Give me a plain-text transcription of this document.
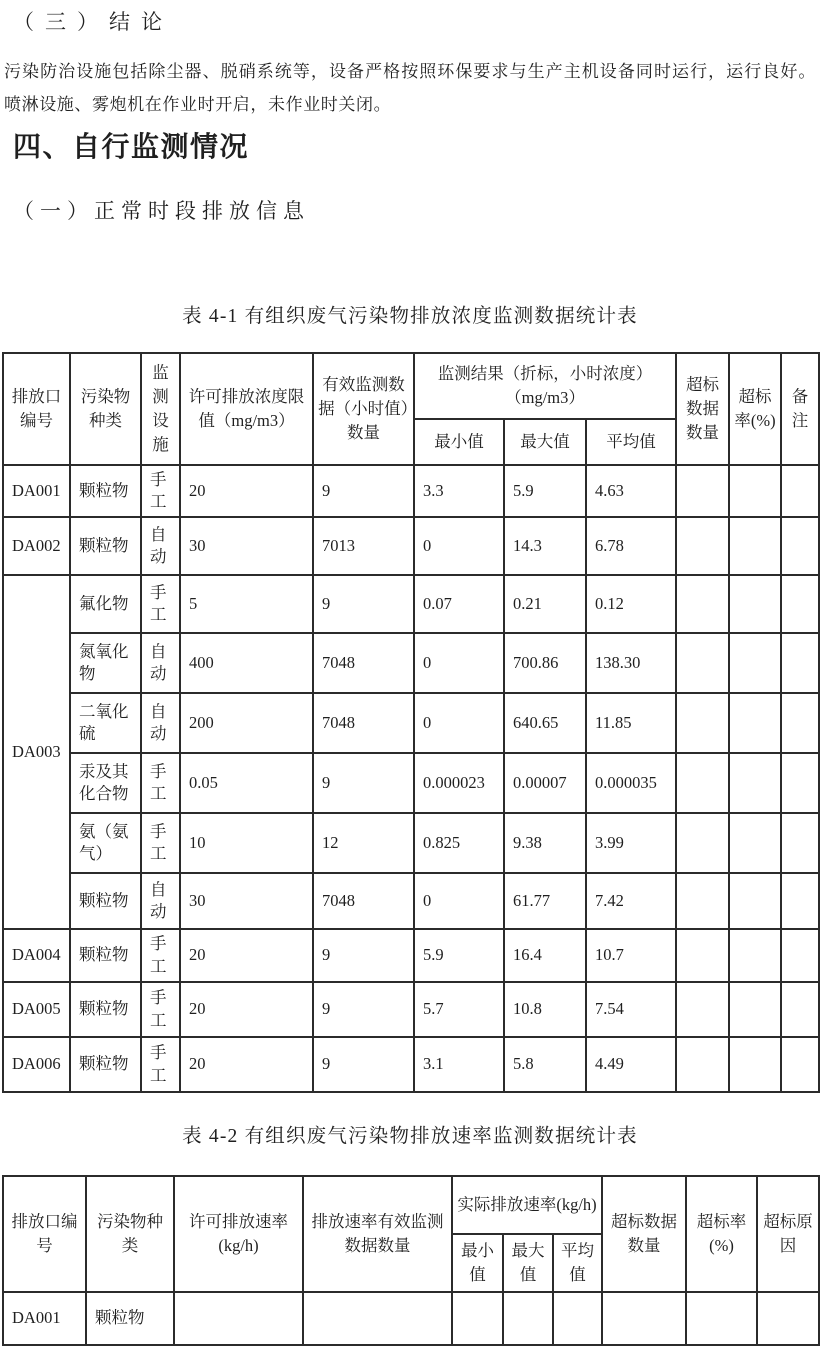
（三）结论
污染防治设施包括除尘器、脱硝系统等，设备严格按照环保要求与生产主机设备同时运行，运行良好。 喷淋设施、雾炮机在作业时开启，未作业时关闭。
四、自行监测情况
（一）正常时段排放信息
表 4-1 有组织废气污染物排放浓度监测数据统计表
排放口编号	污染物种类	监测设施	许可排放浓度限值（mg/m3）	有效监测数据（小时值）数量	监测结果（折标，小时浓度）（mg/m3）			超标数据数量	超标率(%)	备注
					最小值	最大值	平均值			
DA001	颗粒物	手工	20	9	3.3	5.9	4.63			
DA002	颗粒物	自动	30	7013	0	14.3	6.78			
DA003	氟化物	手工	5	9	0.07	0.21	0.12			
	氮氧化物	自动	400	7048	0	700.86	138.30			
	二氧化硫	自动	200	7048	0	640.65	11.85			
	汞及其化合物	手工	0.05	9	0.000023	0.00007	0.000035			
	氨（氨气）	手工	10	12	0.825	9.38	3.99			
	颗粒物	自动	30	7048	0	61.77	7.42			
DA004	颗粒物	手工	20	9	5.9	16.4	10.7			
DA005	颗粒物	手工	20	9	5.7	10.8	7.54			
DA006	颗粒物	手工	20	9	3.1	5.8	4.49			
表 4-2 有组织废气污染物排放速率监测数据统计表
排放口编号	污染物种类	许可排放速率(kg/h)	排放速率有效监测数据数量	实际排放速率(kg/h)			超标数据数量	超标率(%)	超标原因
				最小值	最大值	平均值			
DA001	颗粒物								
